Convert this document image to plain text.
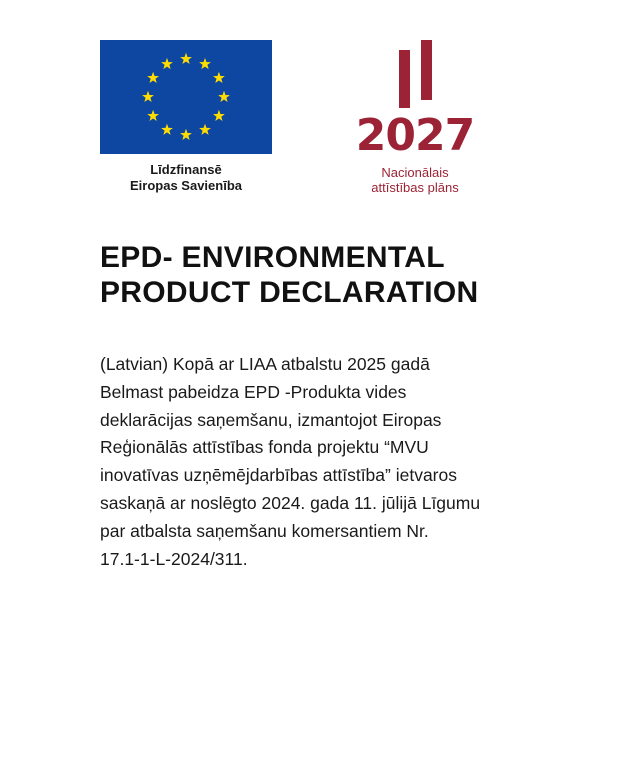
Līdzfinansē
Eiropas Savienība
2027
Nacionālais
attīstības plāns
EPD- ENVIRONMENTAL
PRODUCT DECLARATION
(Latvian) Kopā ar LIAA atbalstu 2025 gadā
Belmast pabeidza EPD -Produkta vides
deklarācijas saņemšanu, izmantojot Eiropas
Reģionālās attīstības fonda projektu “MVU
inovatīvas uzņēmējdarbības attīstība” ietvaros
saskaņā ar noslēgto 2024. gada 11. jūlijā Līgumu
par atbalsta saņemšanu komersantiem Nr.
17.1-1-L-2024/311.
